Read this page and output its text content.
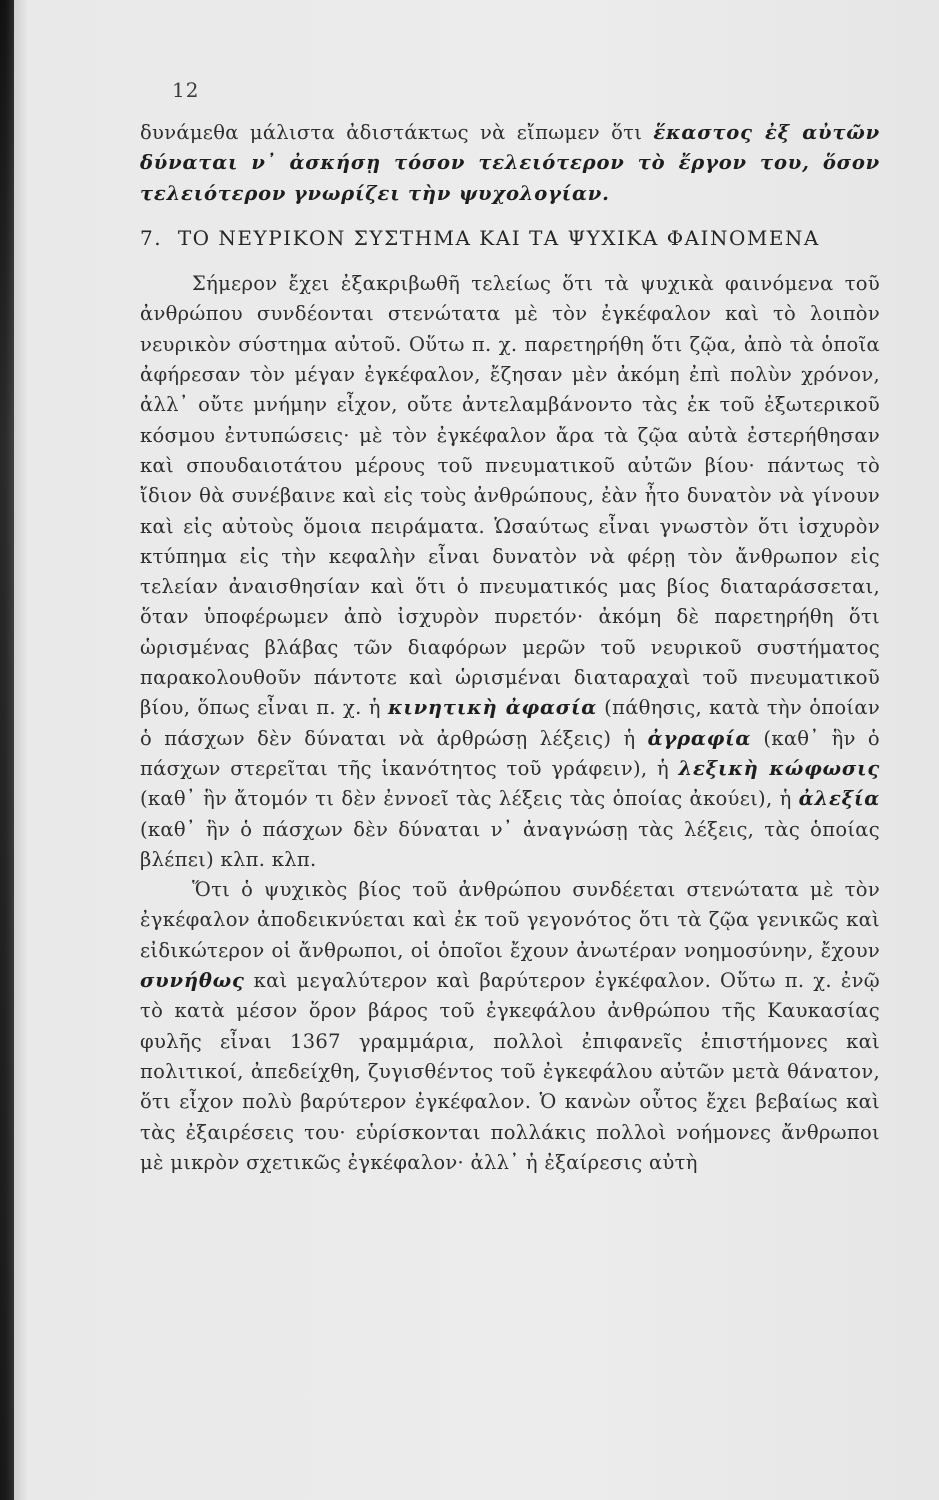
12

δυνάμεθα μάλιστα ἀδιστάκτως νὰ εἴπωμεν ὅτι ἕκαστος ἐξ αὐτῶν δύναται ν᾿ ἀσκήσῃ τόσον τελειότερον τὸ ἔργον του, ὅσον τελειότερον γνωρίζει τὴν ψυχολογίαν.

7. ΤΟ ΝΕΥΡΙΚΟΝ ΣΥΣΤΗΜΑ ΚΑΙ ΤΑ ΨΥΧΙΚΑ ΦΑΙΝΟΜΕΝΑ

Σήμερον ἔχει ἐξακριβωθῆ τελείως ὅτι τὰ ψυχικὰ φαινόμενα τοῦ ἀνθρώπου συνδέονται στενώτατα μὲ τὸν ἐγκέφαλον καὶ τὸ λοιπὸν νευρικὸν σύστημα αὐτοῦ. Οὕτω π. χ. παρετηρήθη ὅτι ζῷα, ἀπὸ τὰ ὁποῖα ἀφήρεσαν τὸν μέγαν ἐγκέφαλον, ἔζησαν μὲν ἀκόμη ἐπὶ πολὺν χρόνον, ἀλλ᾿ οὔτε μνήμην εἶχον, οὔτε ἀντελαμβάνοντο τὰς ἐκ τοῦ ἐξωτερικοῦ κόσμου ἐντυπώσεις· μὲ τὸν ἐγκέφαλον ἄρα τὰ ζῷα αὐτὰ ἐστερήθησαν καὶ σπουδαιοτάτου μέρους τοῦ πνευματικοῦ αὐτῶν βίου· πάντως τὸ ἴδιον θὰ συνέβαινε καὶ εἰς τοὺς ἀνθρώπους, ἐὰν ἦτο δυνατὸν νὰ γίνουν καὶ εἰς αὐτοὺς ὅμοια πειράματα. Ὡσαύτως εἶναι γνωστὸν ὅτι ἰσχυρὸν κτύπημα εἰς τὴν κεφαλὴν εἶναι δυνατὸν νὰ φέρῃ τὸν ἄνθρωπον εἰς τελείαν ἀναισθησίαν καὶ ὅτι ὁ πνευματικός μας βίος διαταράσσεται, ὅταν ὑποφέρωμεν ἀπὸ ἰσχυρὸν πυρετόν· ἀκόμη δὲ παρετηρήθη ὅτι ὡρισμένας βλάβας τῶν διαφόρων μερῶν τοῦ νευρικοῦ συστήματος παρακολουθοῦν πάντοτε καὶ ὡρισμέναι διαταραχαὶ τοῦ πνευματικοῦ βίου, ὅπως εἶναι π. χ. ἡ κινητικὴ ἀφασία (πάθησις, κατὰ τὴν ὁποίαν ὁ πάσχων δὲν δύναται νὰ ἀρθρώσῃ λέξεις) ἡ ἀγραφία (καθ᾿ ἣν ὁ πάσχων στερεῖται τῆς ἱκανότητος τοῦ γράφειν), ἡ λεξικὴ κώφωσις (καθ᾿ ἣν ἄτομόν τι δὲν ἐννοεῖ τὰς λέξεις τὰς ὁποίας ἀκούει), ἡ ἀλεξία (καθ᾿ ἣν ὁ πάσχων δὲν δύναται ν᾿ ἀναγνώσῃ τὰς λέξεις, τὰς ὁποίας βλέπει) κλπ. κλπ.

Ὅτι ὁ ψυχικὸς βίος τοῦ ἀνθρώπου συνδέεται στενώτατα μὲ τὸν ἐγκέφαλον ἀποδεικνύεται καὶ ἐκ τοῦ γεγονότος ὅτι τὰ ζῷα γενικῶς καὶ εἰδικώτερον οἱ ἄνθρωποι, οἱ ὁποῖοι ἔχουν ἀνωτέραν νοημοσύνην, ἔχουν συνήθως καὶ μεγαλύτερον καὶ βαρύτερον ἐγκέφαλον. Οὕτω π. χ. ἐνῷ τὸ κατὰ μέσον ὅρον βάρος τοῦ ἐγκεφάλου ἀνθρώπου τῆς Καυκασίας φυλῆς εἶναι 1367 γραμμάρια, πολλοὶ ἐπιφανεῖς ἐπιστήμονες καὶ πολιτικοί, ἀπεδείχθη, ζυγισθέντος τοῦ ἐγκεφάλου αὐτῶν μετὰ θάνατον, ὅτι εἶχον πολὺ βαρύτερον ἐγκέφαλον. Ὁ κανὼν οὗτος ἔχει βεβαίως καὶ τὰς ἐξαιρέσεις του· εὑρίσκονται πολλάκις πολλοὶ νοήμονες ἄνθρωποι μὲ μικρὸν σχετικῶς ἐγκέφαλον· ἀλλ᾿ ἡ ἐξαίρεσις αὐτὴ
